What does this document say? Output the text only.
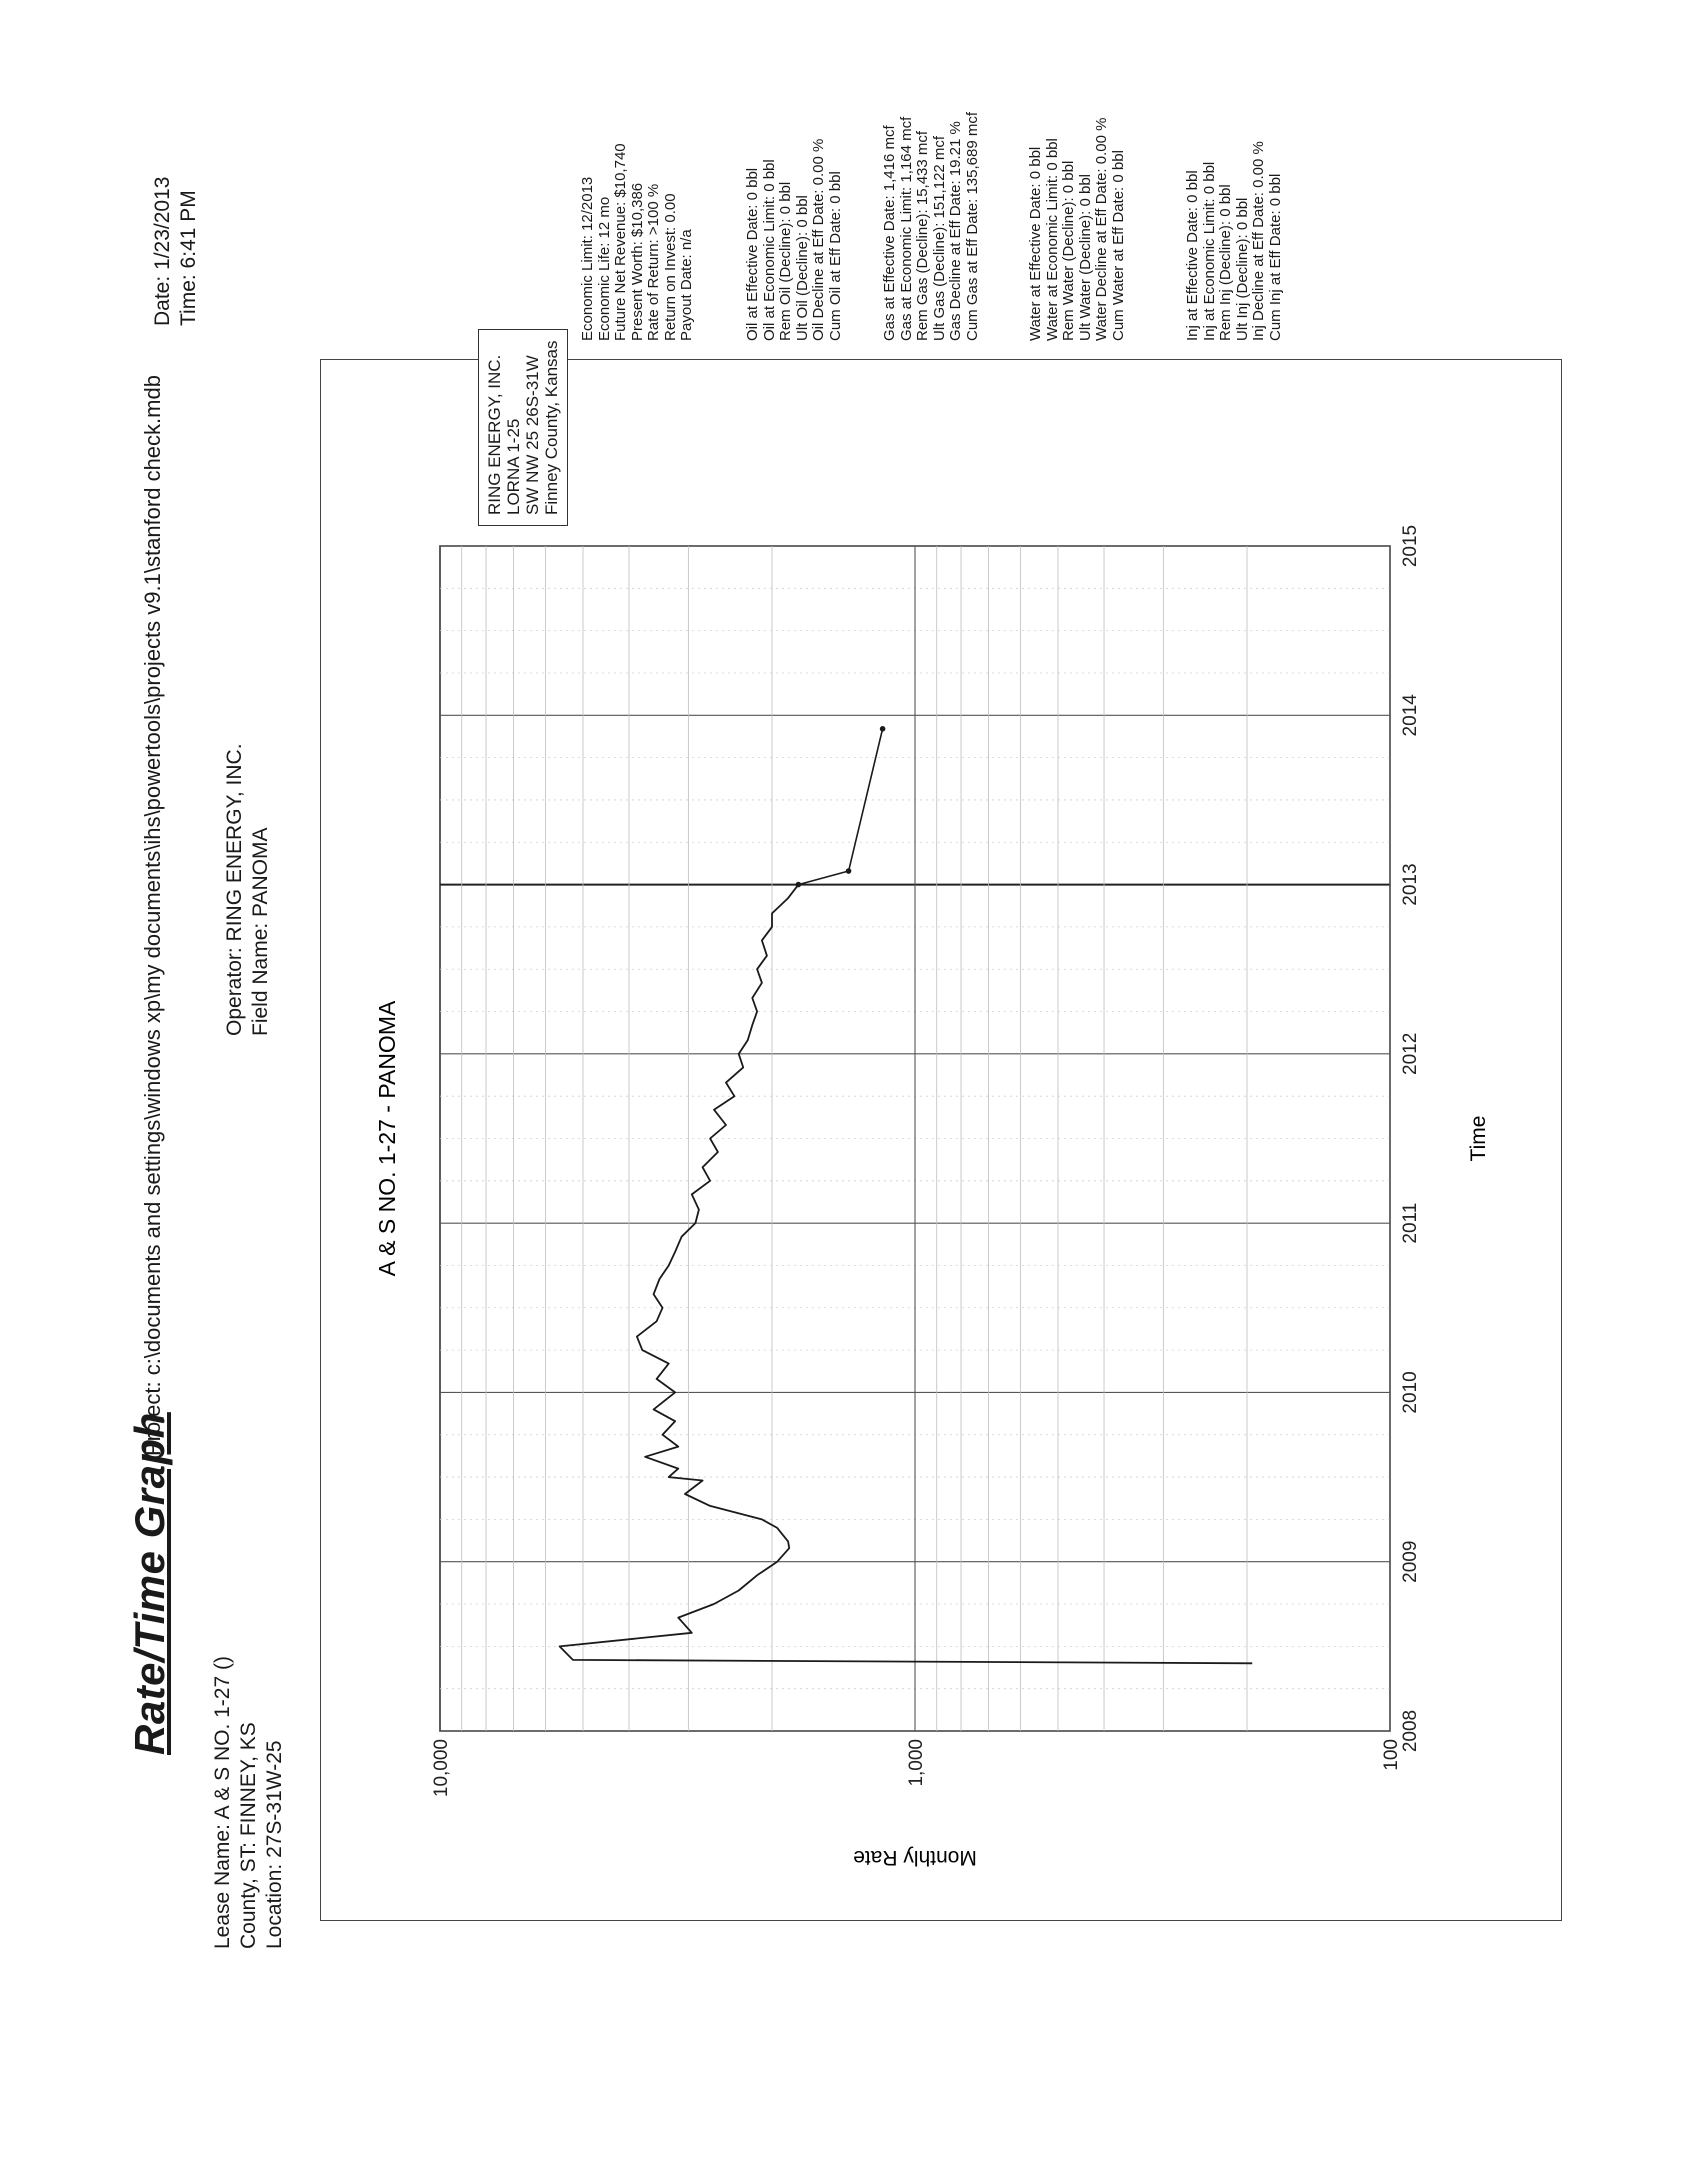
Rate/Time Graph
Project: c:\documents and settings\windows xp\my documents\ihs\powertools\projects v9.1\stanford check.mdb
Date: 1/23/2013 Time: 6:41 PM
Lease Name: A & S NO. 1-27 () County, ST: FINNEY, KS Location: 27S-31W-25
Operator: RING ENERGY, INC. Field Name: PANOMA
A & S NO. 1-27 - PANOMA	Time
Monthly Rate
2008
2009
2010
2011
2012
2013
2014
2015
100
1,000
10,000
RING ENERGY, INC. LORNA 1-25 SW NW 25 26S-31W Finney County, Kansas
Economic Limit: 12/2013 Economic Life: 12 mo Future Net Revenue: $10,740 Present Worth: $10,386 Rate of Return: >100 % Return on Invest: 0.00 Payout Date: n/a	Oil at Effective Date: 0 bbl Oil at Economic Limit: 0 bbl Rem Oil (Decline): 0 bbl Ult Oil (Decline): 0 bbl Oil Decline at Eff Date: 0.00 % Cum Oil at Eff Date: 0 bbl	Gas at Effective Date: 1,416 mcf Gas at Economic Limit: 1,164 mcf Rem Gas (Decline): 15,433 mcf Ult Gas (Decline): 151,122 mcf Gas Decline at Eff Date: 19.21 % Cum Gas at Eff Date: 135,689 mcf	Water at Effective Date: 0 bbl Water at Economic Limit: 0 bbl Rem Water (Decline): 0 bbl Ult Water (Decline): 0 bbl Water Decline at Eff Date: 0.00 % Cum Water at Eff Date: 0 bbl	Inj at Effective Date: 0 bbl Inj at Economic Limit: 0 bbl Rem Inj (Decline): 0 bbl Ult Inj (Decline): 0 bbl Inj Decline at Eff Date: 0.00 % Cum Inj at Eff Date: 0 bbl
